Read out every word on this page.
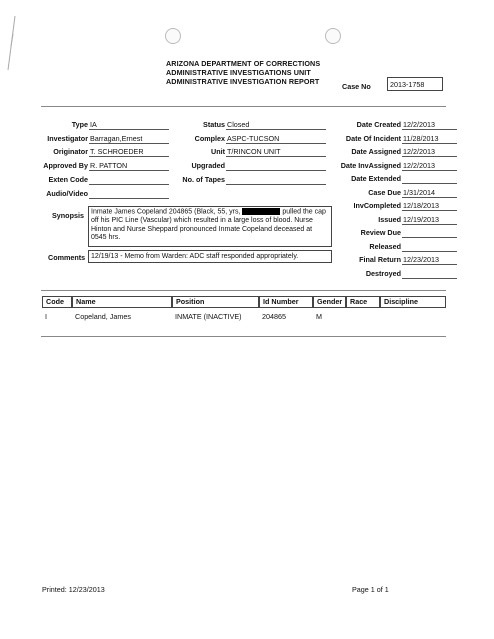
ARIZONA DEPARTMENT OF CORRECTIONS
ADMINISTRATIVE INVESTIGATIONS UNIT
ADMINISTRATIVE INVESTIGATION REPORT
Case No	2013-1758
Type IA
Investigator Barragan,Ernest
Originator T. SCHROEDER
Approved By R. PATTON
Exten Code
Audio/Video
Status Closed
Complex ASPC-TUCSON
Unit T/RINCON UNIT
Upgraded
No. of Tapes
Date Created 12/2/2013
Date Of Incident 11/28/2013
Date Assigned 12/2/2013
Date InvAssigned 12/2/2013
Date Extended
Case Due 1/31/2014
InvCompleted 12/18/2013
Issued 12/19/2013
Review Due
Released
Final Return 12/23/2013
Destroyed
Synopsis	Inmate James Copeland 204865 (Black, 55, yrs,	pulled the cap off his PIC Line (Vascular) which resulted in a large loss of blood. Nurse Hinton and Nurse Sheppard pronounced Inmate Copeland deceased at 0545 hrs.
Comments 12/19/13 - Memo from Warden: ADC staff responded appropriately.
Code	Name	Position	Id Number	Gender	Race	Discipline
I	Copeland, James	INMATE (INACTIVE)	204865	M
Printed: 12/23/2013	Page 1 of 1
